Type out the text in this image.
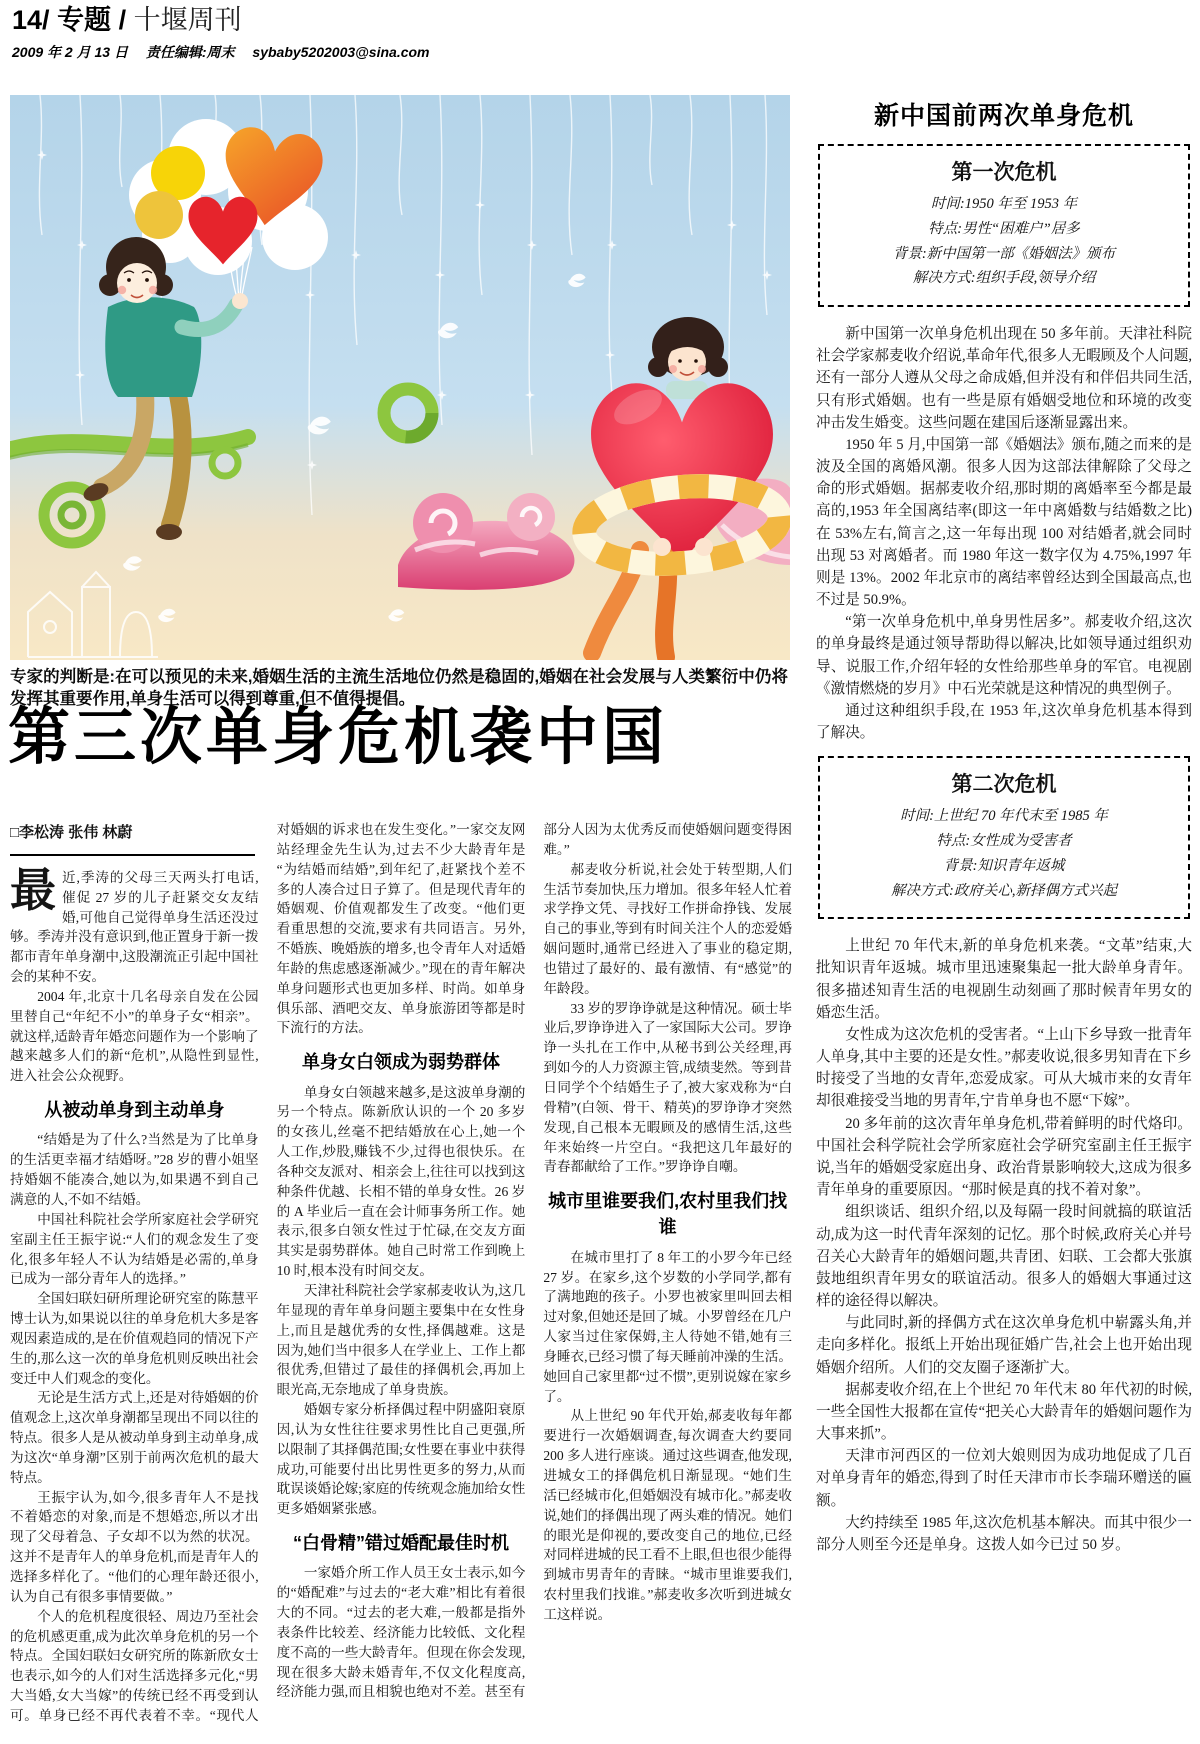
14/ 专题 / 十堰周刊
2009 年 2 月 13 日 责任编辑:周末 sybaby5202003@sina.com
专家的判断是:在可以预见的未来,婚姻生活的主流生活地位仍然是稳固的,婚姻在社会发展与人类繁衍中仍将发挥其重要作用,单身生活可以得到尊重,但不值得提倡。
第三次单身危机袭中国
□李松涛 张伟 林蔚

最近,季涛的父母三天两头打电话,催促 27 岁的儿子赶紧交女友结婚,可他自己觉得单身生活还没过够。季涛并没有意识到,他正置身于新一拨都市青年单身潮中,这股潮流正引起中国社会的某种不安。

2004 年,北京十几名母亲自发在公园里替自己“年纪不小”的单身子女“相亲”。就这样,适龄青年婚恋问题作为一个影响了越来越多人们的新“危机”,从隐性到显性,进入社会公众视野。

从被动单身到主动单身

“结婚是为了什么?当然是为了比单身的生活更幸福才结婚呀。”28 岁的曹小姐坚持婚姻不能凑合,她以为,如果遇不到自己满意的人,不如不结婚。

中国社科院社会学所家庭社会学研究室副主任王振宇说:“人们的观念发生了变化,很多年轻人不认为结婚是必需的,单身已成为一部分青年人的选择。”

全国妇联妇研所理论研究室的陈慧平博士认为,如果说以往的单身危机大多是客观因素造成的,是在价值观趋同的情况下产生的,那么这一次的单身危机则反映出社会变迁中人们观念的变化。

无论是生活方式上,还是对待婚姻的价值观念上,这次单身潮都呈现出不同以往的特点。很多人是从被动单身到主动单身,成为这次“单身潮”区别于前两次危机的最大特点。

王振宇认为,如今,很多青年人不是找不着婚恋的对象,而是不想婚恋,所以才出现了父母着急、子女却不以为然的状况。这并不是青年人的单身危机,而是青年人的选择多样化了。“他们的心理年龄还很小,认为自己有很多事情要做。”

个人的危机程度很轻、周边乃至社会的危机感更重,成为此次单身危机的另一个特点。全国妇联妇女研究所的陈新欣女士也表示,如今的人们对生活选择多元化,“男大当婚,女大当嫁”的传统已经不再受到认可。单身已经不再代表着不幸。“现代人对婚姻的诉求也在发生变化。”一家交友网站经理金先生认为,过去不少大龄青年是“为结婚而结婚”,到年纪了,赶紧找个差不多的人凑合过日子算了。但是现代青年的婚姻观、价值观都发生了改变。“他们更看重思想的交流,要求有共同语言。另外,不婚族、晚婚族的增多,也令青年人对适婚年龄的焦虑感逐渐减少。”现在的青年解决单身问题形式也更加多样、时尚。如单身俱乐部、酒吧交友、单身旅游团等都是时下流行的方法。

单身女白领成为弱势群体

单身女白领越来越多,是这波单身潮的另一个特点。陈新欣认识的一个 20 多岁的女孩儿,丝毫不把结婚放在心上,她一个人工作,炒股,赚钱不少,过得也很快乐。在各种交友派对、相亲会上,往往可以找到这种条件优越、长相不错的单身女性。26 岁的 A 毕业后一直在会计师事务所工作。她表示,很多白领女性过于忙碌,在交友方面其实是弱势群体。她自己时常工作到晚上 10 时,根本没有时间交友。

天津社科院社会学家郝麦收认为,这几年显现的青年单身问题主要集中在女性身上,而且是越优秀的女性,择偶越难。这是因为,她们当中很多人在学业上、工作上都很优秀,但错过了最佳的择偶机会,再加上眼光高,无奈地成了单身贵族。

婚姻专家分析择偶过程中阴盛阳衰原因,认为女性往往要求男性比自己更强,所以限制了其择偶范围;女性要在事业中获得成功,可能要付出比男性更多的努力,从而耽误谈婚论嫁;家庭的传统观念施加给女性更多婚姻紧张感。

“白骨精”错过婚配最佳时机

一家婚介所工作人员王女士表示,如今的“婚配难”与过去的“老大难”相比有着很大的不同。“过去的老大难,一般都是指外表条件比较差、经济能力比较低、文化程度不高的一些大龄青年。但现在你会发现,现在很多大龄未婚青年,不仅文化程度高,经济能力强,而且相貌也绝对不差。甚至有部分人因为太优秀反而使婚姻问题变得困难。”

郝麦收分析说,社会处于转型期,人们生活节奏加快,压力增加。很多年轻人忙着求学挣文凭、寻找好工作拼命挣钱、发展自己的事业,等到有时间关注个人的恋爱婚姻问题时,通常已经进入了事业的稳定期,也错过了最好的、最有激情、有“感觉”的年龄段。

33 岁的罗诤诤就是这种情况。硕士毕业后,罗诤诤进入了一家国际大公司。罗诤诤一头扎在工作中,从秘书到公关经理,再到如今的人力资源主管,成绩斐然。等到昔日同学个个结婚生子了,被大家戏称为“白骨精”(白领、骨干、精英)的罗诤诤才突然发现,自己根本无暇顾及的感情生活,这些年来始终一片空白。“我把这几年最好的青春都献给了工作。”罗诤诤自嘲。

城市里谁要我们,农村里我们找谁

在城市里打了 8 年工的小罗今年已经 27 岁。在家乡,这个岁数的小学同学,都有了满地跑的孩子。小罗也被家里叫回去相过对象,但她还是回了城。小罗曾经在几户人家当过住家保姆,主人待她不错,她有三身睡衣,已经习惯了每天睡前冲澡的生活。她回自己家里都“过不惯”,更别说嫁在家乡了。

从上世纪 90 年代开始,郝麦收每年都要进行一次婚姻调查,每次调查大约要同 200 多人进行座谈。通过这些调查,他发现,进城女工的择偶危机日渐显现。“她们生活已经城市化,但婚姻没有城市化。”郝麦收说,她们的择偶出现了两头难的情况。她们的眼光是仰视的,要改变自己的地位,已经对同样进城的民工看不上眼,但也很少能得到城市男青年的青睐。“城市里谁要我们,农村里我们找谁。”郝麦收多次听到进城女工这样说。

新中国前两次单身危机
第一次危机

时间:1950 年至 1953 年

特点:男性“困难户”居多

背景:新中国第一部《婚姻法》颁布

解决方式:组织手段,领导介绍

新中国第一次单身危机出现在 50 多年前。天津社科院社会学家郝麦收介绍说,革命年代,很多人无暇顾及个人问题,还有一部分人遵从父母之命成婚,但并没有和伴侣共同生活,只有形式婚姻。也有一些是原有婚姻受地位和环境的改变冲击发生婚变。这些问题在建国后逐渐显露出来。

1950 年 5 月,中国第一部《婚姻法》颁布,随之而来的是波及全国的离婚风潮。很多人因为这部法律解除了父母之命的形式婚姻。据郝麦收介绍,那时期的离婚率至今都是最高的,1953 年全国离结率(即这一年中离婚数与结婚数之比)在 53%左右,简言之,这一年每出现 100 对结婚者,就会同时出现 53 对离婚者。而 1980 年这一数字仅为 4.75%,1997 年则是 13%。2002 年北京市的离结率曾经达到全国最高点,也不过是 50.9%。

“第一次单身危机中,单身男性居多”。郝麦收介绍,这次的单身最终是通过领导帮助得以解决,比如领导通过组织劝导、说服工作,介绍年轻的女性给那些单身的军官。电视剧《激情燃烧的岁月》中石光荣就是这种情况的典型例子。

通过这种组织手段,在 1953 年,这次单身危机基本得到了解决。

第二次危机

时间:上世纪 70 年代末至 1985 年

特点:女性成为受害者

背景:知识青年返城

解决方式:政府关心,新择偶方式兴起

上世纪 70 年代末,新的单身危机来袭。“文革”结束,大批知识青年返城。城市里迅速聚集起一批大龄单身青年。很多描述知青生活的电视剧生动刻画了那时候青年男女的婚恋生活。

女性成为这次危机的受害者。“上山下乡导致一批青年人单身,其中主要的还是女性。”郝麦收说,很多男知青在下乡时接受了当地的女青年,恋爱成家。可从大城市来的女青年却很难接受当地的男青年,宁肯单身也不愿“下嫁”。

20 多年前的这次青年单身危机,带着鲜明的时代烙印。中国社会科学院社会学所家庭社会学研究室副主任王振宇说,当年的婚姻受家庭出身、政治背景影响较大,这成为很多青年单身的重要原因。“那时候是真的找不着对象”。

组织谈话、组织介绍,以及每隔一段时间就搞的联谊活动,成为这一时代青年深刻的记忆。那个时候,政府关心并号召关心大龄青年的婚姻问题,共青团、妇联、工会都大张旗鼓地组织青年男女的联谊活动。很多人的婚姻大事通过这样的途径得以解决。

与此同时,新的择偶方式在这次单身危机中崭露头角,并走向多样化。报纸上开始出现征婚广告,社会上也开始出现婚姻介绍所。人们的交友圈子逐渐扩大。

据郝麦收介绍,在上个世纪 70 年代末 80 年代初的时候,一些全国性大报都在宣传“把关心大龄青年的婚姻问题作为大事来抓”。

天津市河西区的一位刘大娘则因为成功地促成了几百对单身青年的婚恋,得到了时任天津市市长李瑞环赠送的匾额。

大约持续至 1985 年,这次危机基本解决。而其中很少一部分人则至今还是单身。这拨人如今已过 50 岁。
